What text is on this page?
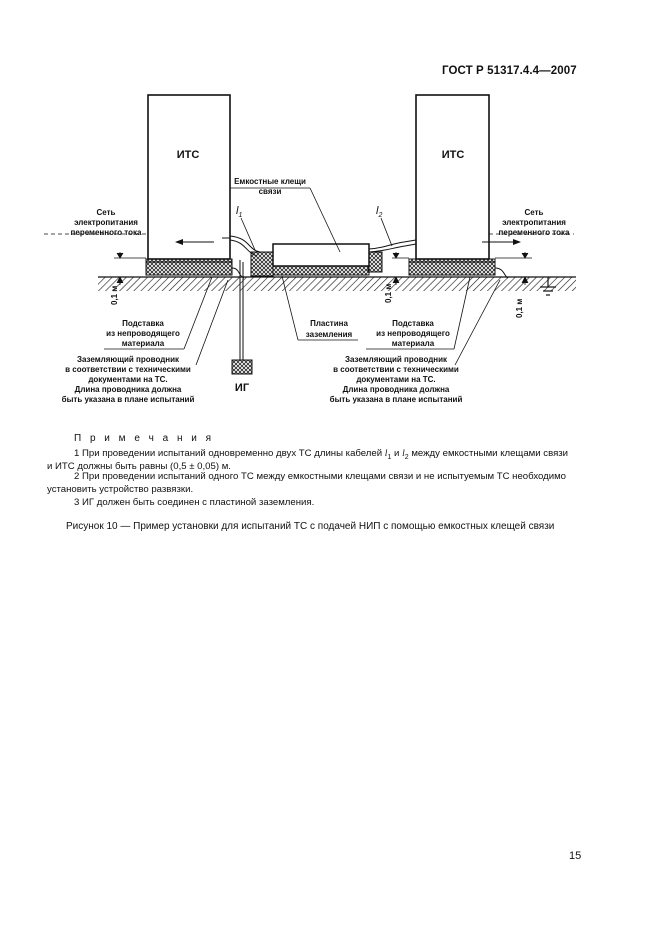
ГОСТ Р 51317.4.4—2007
ИТС	ИТС
0,1 м	0,1 м
0,1 м
ИГ
$l_1$	$l_2$
Емкостные клещи
связи
Сеть
электропитания
переменного тока
Сеть
электропитания
переменного тока
Подставка
из непроводящего
материала
Подставка
из непроводящего
материала
Пластина
заземления
Заземляющий проводник
в соответствии с техническими
документами на ТС.
Длина проводника должна
быть указана в плане испытаний
Заземляющий проводник
в соответствии с техническими
документами на ТС.
Длина проводника должна
быть указана в плане испытаний
П р и м е ч а н и я
1 При проведении испытаний одновременно двух ТС длины кабелей $l_1$ и $l_2$ между емкостными клещами связи
и ИТС должны быть равны (0,5 ± 0,05) м.
2 При проведении испытаний одного ТС между емкостными клещами связи и не испытуемым ТС необходимо
установить устройство развязки.
3 ИГ должен быть соединен с пластиной заземления.
Рисунок 10 — Пример установки для испытаний ТС с подачей НИП с помощью емкостных клещей связи
15
